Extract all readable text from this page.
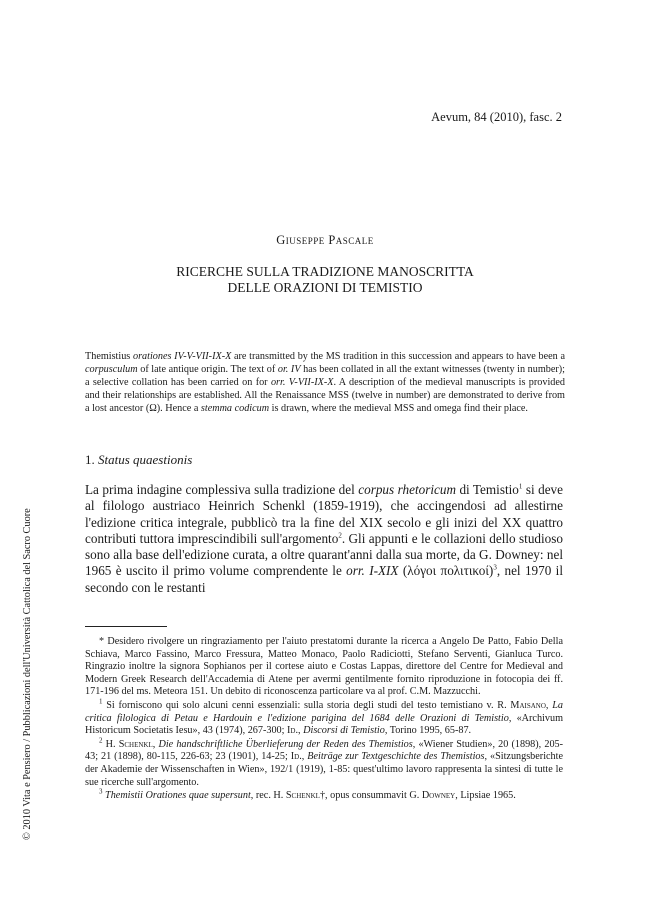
Aevum, 84 (2010), fasc. 2
Giuseppe Pascale
RICERCHE SULLA TRADIZIONE MANOSCRITTA
DELLE ORAZIONI DI TEMISTIO
Themistius orationes IV-V-VII-IX-X are transmitted by the MS tradition in this succession and appears to have been a corpusculum of late antique origin. The text of or. IV has been collated in all the extant witnesses (twenty in number); a selective collation has been carried on for orr. V-VII-IX-X. A description of the medieval manuscripts is provided and their relationships are established. All the Renaissance MSS (twelve in number) are demonstrated to derive from a lost ancestor (Ω). Hence a stemma codicum is drawn, where the medieval MSS and omega find their place.
© 2010 Vita e Pensiero / Pubblicazioni dell'Università Cattolica del Sacro Cuore
1. Status quaestionis
La prima indagine complessiva sulla tradizione del corpus rhetoricum di Temistio$^1$ si deve al filologo austriaco Heinrich Schenkl (1859-1919), che accingendosi ad allestirne l'edizione critica integrale, pubblicò tra la fine del XIX secolo e gli inizi del XX quattro contributi tuttora imprescindibili sull'argomento$^2$. Gli appunti e le collazioni dello studioso sono alla base dell'edizione curata, a oltre quarant'anni dalla sua morte, da G. Downey: nel 1965 è uscito il primo volume comprendente le orr. I-XIX (λόγοι πολιτικοί)$^3$, nel 1970 il secondo con le restanti

* Desidero rivolgere un ringraziamento per l'aiuto prestatomi durante la ricerca a Angelo De Patto, Fabio Della Schiava, Marco Fassino, Marco Fressura, Matteo Monaco, Paolo Radiciotti, Stefano Serventi, Gianluca Turco. Ringrazio inoltre la signora Sophianos per il cortese aiuto e Costas Lappas, direttore del Centre for Medieval and Modern Greek Research dell'Accademia di Atene per avermi gentilmente fornito riproduzione in fotocopia dei ff. 171-196 del ms. Meteora 151. Un debito di riconoscenza particolare va al prof. C.M. Mazzucchi.

$^1$ Si forniscono qui solo alcuni cenni essenziali: sulla storia degli studi del testo temistiano v. R. Maisano, La critica filologica di Petau e Hardouin e l'edizione parigina del 1684 delle Orazioni di Temistio, «Archivum Historicum Societatis Iesu», 43 (1974), 267-300; Id., Discorsi di Temistio, Torino 1995, 65-87.

$^2$ H. Schenkl, Die handschriftliche Überlieferung der Reden des Themistios, «Wiener Studien», 20 (1898), 205-43; 21 (1898), 80-115, 226-63; 23 (1901), 14-25; Id., Beiträge zur Textgeschichte des Themistios, «Sitzungsberichte der Akademie der Wissenschaften in Wien», 192/1 (1919), 1-85: quest'ultimo lavoro rappresenta la sintesi di tutte le sue ricerche sull'argomento.

$^3$ Themistii Orationes quae supersunt, rec. H. Schenkl†, opus consummavit G. Downey, Lipsiae 1965.
